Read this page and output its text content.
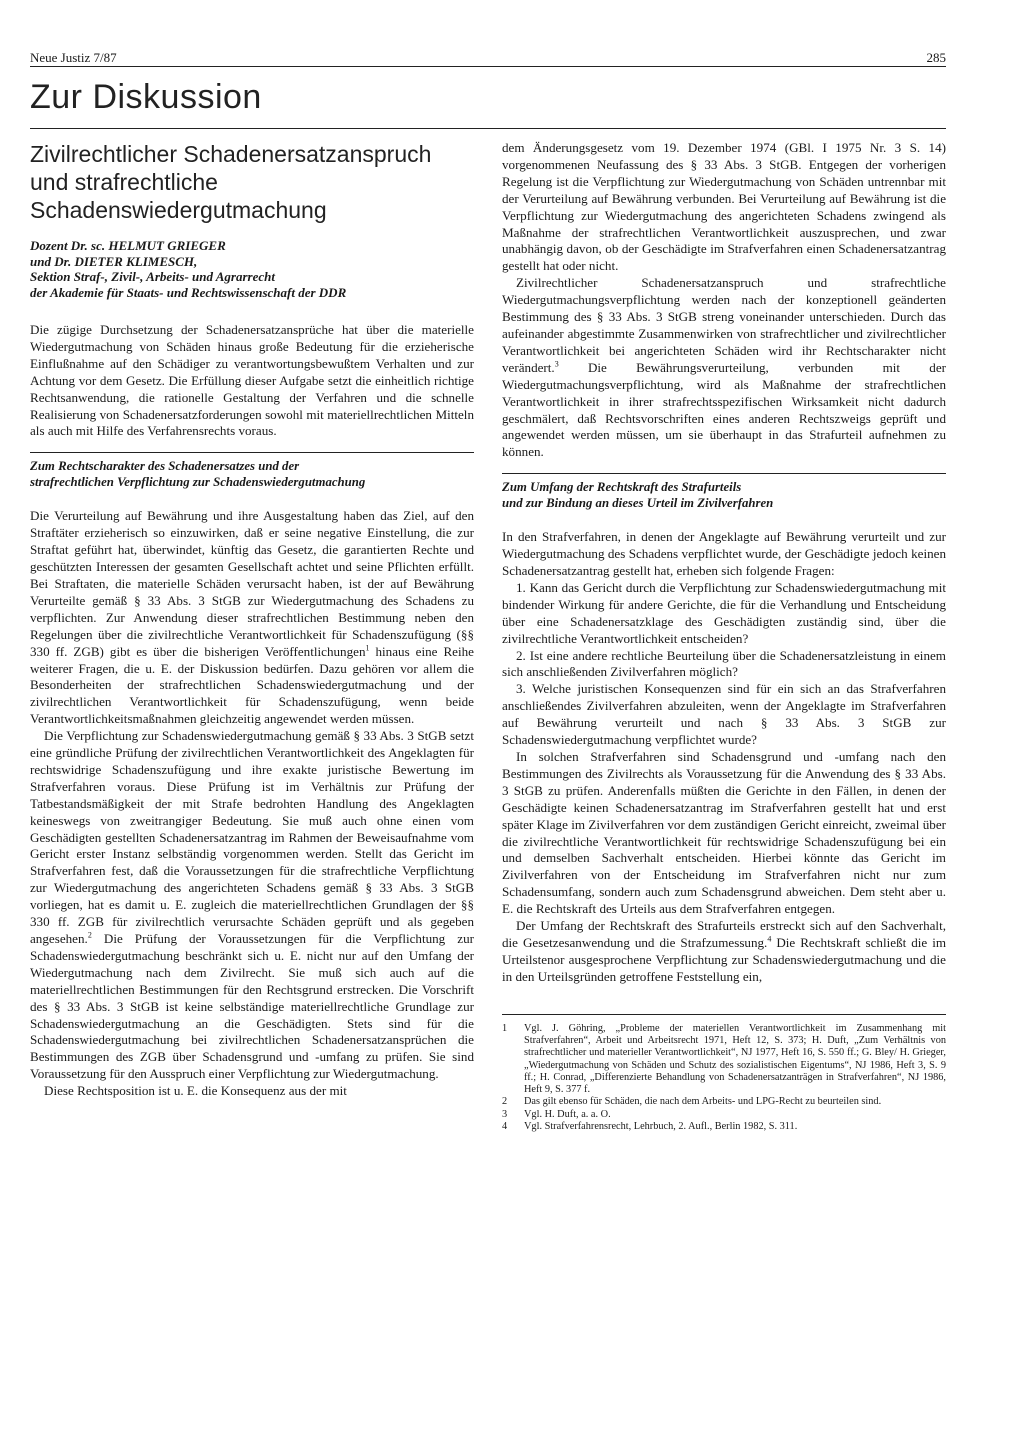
Neue Justiz 7/87	285
Zur Diskussion
Zivilrechtlicher Schadenersatzanspruch
und strafrechtliche
Schadenswiedergutmachung
Dozent Dr. sc. HELMUT GRIEGER
und Dr. DIETER KLIMESCH,
Sektion Straf-, Zivil-, Arbeits- und Agrarrecht
der Akademie für Staats- und Rechtswissenschaft der DDR

Die zügige Durchsetzung der Schadenersatzansprüche hat über die materielle Wiedergutmachung von Schäden hinaus große Bedeutung für die erzieherische Einflußnahme auf den Schädiger zu verantwortungsbewußtem Verhalten und zur Achtung vor dem Gesetz. Die Erfüllung dieser Aufgabe setzt die einheitlich richtige Rechtsanwendung, die rationelle Gestaltung der Verfahren und die schnelle Realisierung von Schadenersatzforderungen sowohl mit materiellrechtlichen Mitteln als auch mit Hilfe des Verfahrensrechts voraus.

Zum Rechtscharakter des Schadenersatzes und der
strafrechtlichen Verpflichtung zur Schadenswiedergutmachung

Die Verurteilung auf Bewährung und ihre Ausgestaltung haben das Ziel, auf den Straftäter erzieherisch so einzuwirken, daß er seine negative Einstellung, die zur Straftat geführt hat, überwindet, künftig das Gesetz, die garantierten Rechte und geschützten Interessen der gesamten Gesellschaft achtet und seine Pflichten erfüllt. Bei Straftaten, die materielle Schäden verursacht haben, ist der auf Bewährung Verurteilte gemäß § 33 Abs. 3 StGB zur Wiedergutmachung des Schadens zu verpflichten. Zur Anwendung dieser strafrechtlichen Bestimmung neben den Regelungen über die zivilrechtliche Verantwortlichkeit für Schadenszufügung (§§ 330 ff. ZGB) gibt es über die bisherigen Veröffentlichungen$^1$ hinaus eine Reihe weiterer Fragen, die u. E. der Diskussion bedürfen. Dazu gehören vor allem die Besonderheiten der strafrechtlichen Schadenswiedergutmachung und der zivilrechtlichen Verantwortlichkeit für Schadenszufügung, wenn beide Verantwortlichkeitsmaßnahmen gleichzeitig angewendet werden müssen.

Die Verpflichtung zur Schadenswiedergutmachung gemäß § 33 Abs. 3 StGB setzt eine gründliche Prüfung der zivilrechtlichen Verantwortlichkeit des Angeklagten für rechtswidrige Schadenszufügung und ihre exakte juristische Bewertung im Strafverfahren voraus. Diese Prüfung ist im Verhältnis zur Prüfung der Tatbestandsmäßigkeit der mit Strafe bedrohten Handlung des Angeklagten keineswegs von zweitrangiger Bedeutung. Sie muß auch ohne einen vom Geschädigten gestellten Schadenersatzantrag im Rahmen der Beweisaufnahme vom Gericht erster Instanz selbständig vorgenommen werden. Stellt das Gericht im Strafverfahren fest, daß die Voraussetzungen für die strafrechtliche Verpflichtung zur Wiedergutmachung des angerichteten Schadens gemäß § 33 Abs. 3 StGB vorliegen, hat es damit u. E. zugleich die materiellrechtlichen Grundlagen der §§ 330 ff. ZGB für zivilrechtlich verursachte Schäden geprüft und als gegeben angesehen.$^2$ Die Prüfung der Voraussetzungen für die Verpflichtung zur Schadenswiedergutmachung beschränkt sich u. E. nicht nur auf den Umfang der Wiedergutmachung nach dem Zivilrecht. Sie muß sich auch auf die materiellrechtlichen Bestimmungen für den Rechtsgrund erstrecken. Die Vorschrift des § 33 Abs. 3 StGB ist keine selbständige materiellrechtliche Grundlage zur Schadenswiedergutmachung an die Geschädigten. Stets sind für die Schadenswiedergutmachung bei zivilrechtlichen Schadenersatzansprüchen die Bestimmungen des ZGB über Schadensgrund und -umfang zu prüfen. Sie sind Voraussetzung für den Ausspruch einer Verpflichtung zur Wiedergutmachung.

Diese Rechtsposition ist u. E. die Konsequenz aus der mit

dem Änderungsgesetz vom 19. Dezember 1974 (GBl. I 1975 Nr. 3 S. 14) vorgenommenen Neufassung des § 33 Abs. 3 StGB. Entgegen der vorherigen Regelung ist die Verpflichtung zur Wiedergutmachung von Schäden untrennbar mit der Verurteilung auf Bewährung verbunden. Bei Verurteilung auf Bewährung ist die Verpflichtung zur Wiedergutmachung des angerichteten Schadens zwingend als Maßnahme der strafrechtlichen Verantwortlichkeit auszusprechen, und zwar unabhängig davon, ob der Geschädigte im Strafverfahren einen Schadenersatzantrag gestellt hat oder nicht.

Zivilrechtlicher Schadenersatzanspruch und strafrechtliche Wiedergutmachungsverpflichtung werden nach der konzeptionell geänderten Bestimmung des § 33 Abs. 3 StGB streng voneinander unterschieden. Durch das aufeinander abgestimmte Zusammenwirken von strafrechtlicher und zivilrechtlicher Verantwortlichkeit bei angerichteten Schäden wird ihr Rechtscharakter nicht verändert.$^3$ Die Bewährungsverurteilung, verbunden mit der Wiedergutmachungsverpflichtung, wird als Maßnahme der strafrechtlichen Verantwortlichkeit in ihrer strafrechtsspezifischen Wirksamkeit nicht dadurch geschmälert, daß Rechtsvorschriften eines anderen Rechtszweigs geprüft und angewendet werden müssen, um sie überhaupt in das Strafurteil aufnehmen zu können.

Zum Umfang der Rechtskraft des Strafurteils
und zur Bindung an dieses Urteil im Zivilverfahren

In den Strafverfahren, in denen der Angeklagte auf Bewährung verurteilt und zur Wiedergutmachung des Schadens verpflichtet wurde, der Geschädigte jedoch keinen Schadenersatzantrag gestellt hat, erheben sich folgende Fragen:

1. Kann das Gericht durch die Verpflichtung zur Schadenswiedergutmachung mit bindender Wirkung für andere Gerichte, die für die Verhandlung und Entscheidung über eine Schadenersatzklage des Geschädigten zuständig sind, über die zivilrechtliche Verantwortlichkeit entscheiden?

2. Ist eine andere rechtliche Beurteilung über die Schadenersatzleistung in einem sich anschließenden Zivilverfahren möglich?

3. Welche juristischen Konsequenzen sind für ein sich an das Strafverfahren anschließendes Zivilverfahren abzuleiten, wenn der Angeklagte im Strafverfahren auf Bewährung verurteilt und nach § 33 Abs. 3 StGB zur Schadenswiedergutmachung verpflichtet wurde?

In solchen Strafverfahren sind Schadensgrund und -umfang nach den Bestimmungen des Zivilrechts als Voraussetzung für die Anwendung des § 33 Abs. 3 StGB zu prüfen. Anderenfalls müßten die Gerichte in den Fällen, in denen der Geschädigte keinen Schadenersatzantrag im Strafverfahren gestellt hat und erst später Klage im Zivilverfahren vor dem zuständigen Gericht einreicht, zweimal über die zivilrechtliche Verantwortlichkeit für rechtswidrige Schadenszufügung bei ein und demselben Sachverhalt entscheiden. Hierbei könnte das Gericht im Zivilverfahren von der Entscheidung im Strafverfahren nicht nur zum Schadensumfang, sondern auch zum Schadensgrund abweichen. Dem steht aber u. E. die Rechtskraft des Urteils aus dem Strafverfahren entgegen.

Der Umfang der Rechtskraft des Strafurteils erstreckt sich auf den Sachverhalt, die Gesetzesanwendung und die Strafzumessung.$^4$ Die Rechtskraft schließt die im Urteilstenor ausgesprochene Verpflichtung zur Schadenswiedergutmachung und die in den Urteilsgründen getroffene Feststellung ein,

1	Vgl. J. Göhring, „Probleme der materiellen Verantwortlichkeit im Zusammenhang mit Strafverfahren“, Arbeit und Arbeitsrecht 1971, Heft 12, S. 373; H. Duft, „Zum Verhältnis von strafrechtlicher und materieller Verantwortlichkeit“, NJ 1977, Heft 16, S. 550 ff.; G. Bley/ H. Grieger, „Wiedergutmachung von Schäden und Schutz des sozialistischen Eigentums“, NJ 1986, Heft 3, S. 9 ff.; H. Conrad, „Differenzierte Behandlung von Schadenersatzanträgen in Strafverfahren“, NJ 1986, Heft 9, S. 377 f.
2	Das gilt ebenso für Schäden, die nach dem Arbeits- und LPG-Recht zu beurteilen sind.
3	Vgl. H. Duft, a. a. O.
4	Vgl. Strafverfahrensrecht, Lehrbuch, 2. Aufl., Berlin 1982, S. 311.
